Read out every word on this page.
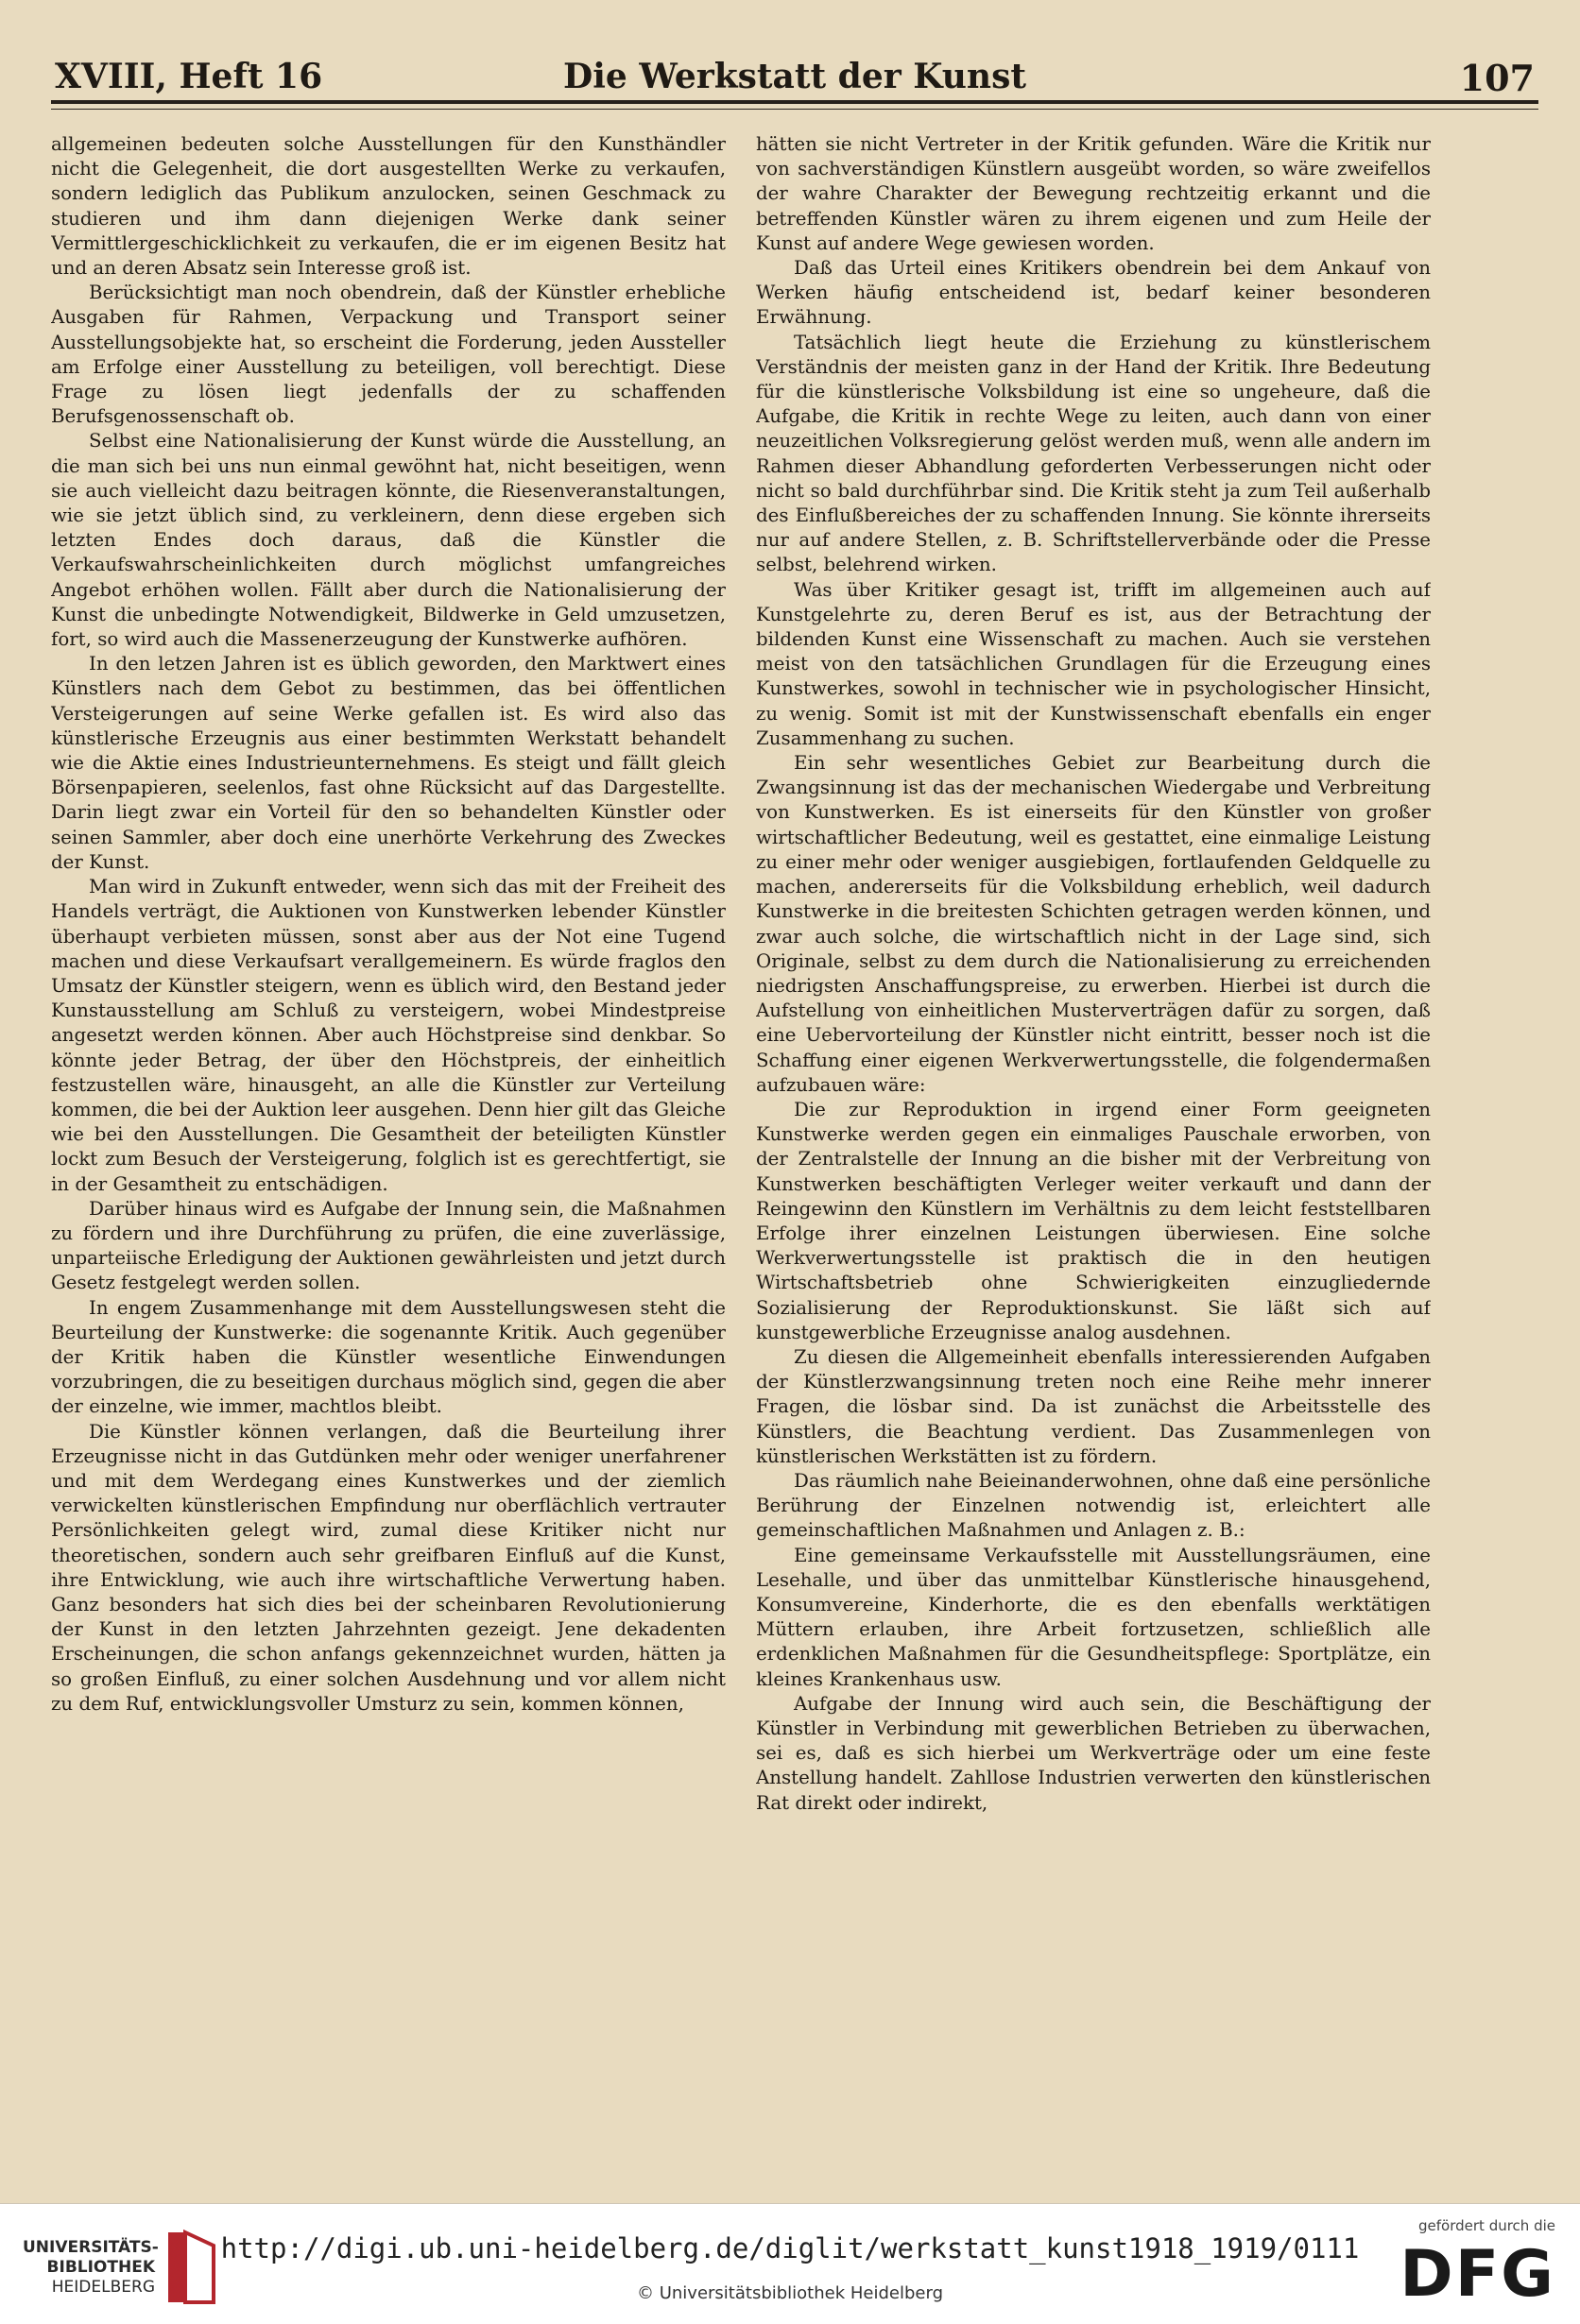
XVIII, Heft 16	Die Werkstatt der Kunst	107

allgemeinen bedeuten solche Ausstellungen für den Kunsthändler nicht die Gelegenheit, die dort ausgestellten Werke zu verkaufen, sondern lediglich das Publikum anzulocken, seinen Geschmack zu studieren und ihm dann diejenigen Werke dank seiner Vermittlergeschicklichkeit zu verkaufen, die er im eigenen Besitz hat und an deren Absatz sein Interesse groß ist.

Berücksichtigt man noch obendrein, daß der Künstler erhebliche Ausgaben für Rahmen, Verpackung und Transport seiner Ausstellungsobjekte hat, so erscheint die Forderung, jeden Aussteller am Erfolge einer Ausstellung zu beteiligen, voll berechtigt. Diese Frage zu lösen liegt jedenfalls der zu schaffenden Berufsgenossenschaft ob.

Selbst eine Nationalisierung der Kunst würde die Ausstellung, an die man sich bei uns nun einmal gewöhnt hat, nicht beseitigen, wenn sie auch vielleicht dazu beitragen könnte, die Riesenveranstaltungen, wie sie jetzt üblich sind, zu verkleinern, denn diese ergeben sich letzten Endes doch daraus, daß die Künstler die Verkaufswahrscheinlichkeiten durch möglichst umfangreiches Angebot erhöhen wollen. Fällt aber durch die Nationalisierung der Kunst die unbedingte Notwendigkeit, Bildwerke in Geld umzusetzen, fort, so wird auch die Massenerzeugung der Kunstwerke aufhören.

In den letzen Jahren ist es üblich geworden, den Marktwert eines Künstlers nach dem Gebot zu bestimmen, das bei öffentlichen Versteigerungen auf seine Werke gefallen ist. Es wird also das künstlerische Erzeugnis aus einer bestimmten Werkstatt behandelt wie die Aktie eines Industrieunternehmens. Es steigt und fällt gleich Börsenpapieren, seelenlos, fast ohne Rücksicht auf das Dargestellte. Darin liegt zwar ein Vorteil für den so behandelten Künstler oder seinen Sammler, aber doch eine unerhörte Verkehrung des Zweckes der Kunst.

Man wird in Zukunft entweder, wenn sich das mit der Freiheit des Handels verträgt, die Auktionen von Kunstwerken lebender Künstler überhaupt verbieten müssen, sonst aber aus der Not eine Tugend machen und diese Verkaufsart verallgemeinern. Es würde fraglos den Umsatz der Künstler steigern, wenn es üblich wird, den Bestand jeder Kunstausstellung am Schluß zu versteigern, wobei Mindestpreise angesetzt werden können. Aber auch Höchstpreise sind denkbar. So könnte jeder Betrag, der über den Höchstpreis, der einheitlich festzustellen wäre, hinausgeht, an alle die Künstler zur Verteilung kommen, die bei der Auktion leer ausgehen. Denn hier gilt das Gleiche wie bei den Ausstellungen. Die Gesamtheit der beteiligten Künstler lockt zum Besuch der Versteigerung, folglich ist es gerechtfertigt, sie in der Gesamtheit zu entschädigen.

Darüber hinaus wird es Aufgabe der Innung sein, die Maßnahmen zu fördern und ihre Durchführung zu prüfen, die eine zuverlässige, unparteiische Erledigung der Auktionen gewährleisten und jetzt durch Gesetz festgelegt werden sollen.

In engem Zusammenhange mit dem Ausstellungswesen steht die Beurteilung der Kunstwerke: die sogenannte Kritik. Auch gegenüber der Kritik haben die Künstler wesentliche Einwendungen vorzubringen, die zu beseitigen durchaus möglich sind, gegen die aber der einzelne, wie immer, machtlos bleibt.

Die Künstler können verlangen, daß die Beurteilung ihrer Erzeugnisse nicht in das Gutdünken mehr oder weniger unerfahrener und mit dem Werdegang eines Kunstwerkes und der ziemlich verwickelten künstlerischen Empfindung nur oberflächlich vertrauter Persönlichkeiten gelegt wird, zumal diese Kritiker nicht nur theoretischen, sondern auch sehr greifbaren Einfluß auf die Kunst, ihre Entwicklung, wie auch ihre wirtschaftliche Verwertung haben. Ganz besonders hat sich dies bei der scheinbaren Revolutionierung der Kunst in den letzten Jahrzehnten gezeigt. Jene dekadenten Erscheinungen, die schon anfangs gekennzeichnet wurden, hätten ja so großen Einfluß, zu einer solchen Ausdehnung und vor allem nicht zu dem Ruf, entwicklungsvoller Umsturz zu sein, kommen können,

hätten sie nicht Vertreter in der Kritik gefunden. Wäre die Kritik nur von sachverständigen Künstlern ausgeübt worden, so wäre zweifellos der wahre Charakter der Bewegung rechtzeitig erkannt und die betreffenden Künstler wären zu ihrem eigenen und zum Heile der Kunst auf andere Wege gewiesen worden.

Daß das Urteil eines Kritikers obendrein bei dem Ankauf von Werken häufig entscheidend ist, bedarf keiner besonderen Erwähnung.

Tatsächlich liegt heute die Erziehung zu künstlerischem Verständnis der meisten ganz in der Hand der Kritik. Ihre Bedeutung für die künstlerische Volksbildung ist eine so ungeheure, daß die Aufgabe, die Kritik in rechte Wege zu leiten, auch dann von einer neuzeitlichen Volksregierung gelöst werden muß, wenn alle andern im Rahmen dieser Abhandlung geforderten Verbesserungen nicht oder nicht so bald durchführbar sind. Die Kritik steht ja zum Teil außerhalb des Einflußbereiches der zu schaffenden Innung. Sie könnte ihrerseits nur auf andere Stellen, z. B. Schriftstellerverbände oder die Presse selbst, belehrend wirken.

Was über Kritiker gesagt ist, trifft im allgemeinen auch auf Kunstgelehrte zu, deren Beruf es ist, aus der Betrachtung der bildenden Kunst eine Wissenschaft zu machen. Auch sie verstehen meist von den tatsächlichen Grundlagen für die Erzeugung eines Kunstwerkes, sowohl in technischer wie in psychologischer Hinsicht, zu wenig. Somit ist mit der Kunstwissenschaft ebenfalls ein enger Zusammenhang zu suchen.

Ein sehr wesentliches Gebiet zur Bearbeitung durch die Zwangsinnung ist das der mechanischen Wiedergabe und Verbreitung von Kunstwerken. Es ist einerseits für den Künstler von großer wirtschaftlicher Bedeutung, weil es gestattet, eine einmalige Leistung zu einer mehr oder weniger ausgiebigen, fortlaufenden Geldquelle zu machen, andererseits für die Volksbildung erheblich, weil dadurch Kunstwerke in die breitesten Schichten getragen werden können, und zwar auch solche, die wirtschaftlich nicht in der Lage sind, sich Originale, selbst zu dem durch die Nationalisierung zu erreichenden niedrigsten Anschaffungspreise, zu erwerben. Hierbei ist durch die Aufstellung von einheitlichen Musterverträgen dafür zu sorgen, daß eine Uebervorteilung der Künstler nicht eintritt, besser noch ist die Schaffung einer eigenen Werkverwertungsstelle, die folgendermaßen aufzubauen wäre:

Die zur Reproduktion in irgend einer Form geeigneten Kunstwerke werden gegen ein einmaliges Pauschale erworben, von der Zentralstelle der Innung an die bisher mit der Verbreitung von Kunstwerken beschäftigten Verleger weiter verkauft und dann der Reingewinn den Künstlern im Verhältnis zu dem leicht feststellbaren Erfolge ihrer einzelnen Leistungen überwiesen. Eine solche Werkverwertungsstelle ist praktisch die in den heutigen Wirtschaftsbetrieb ohne Schwierigkeiten einzugliedernde Sozialisierung der Reproduktionskunst. Sie läßt sich auf kunstgewerbliche Erzeugnisse analog ausdehnen.

Zu diesen die Allgemeinheit ebenfalls interessierenden Aufgaben der Künstlerzwangsinnung treten noch eine Reihe mehr innerer Fragen, die lösbar sind. Da ist zunächst die Arbeitsstelle des Künstlers, die Beachtung verdient. Das Zusammenlegen von künstlerischen Werkstätten ist zu fördern.

Das räumlich nahe Beieinanderwohnen, ohne daß eine persönliche Berührung der Einzelnen notwendig ist, erleichtert alle gemeinschaftlichen Maßnahmen und Anlagen z. B.:

Eine gemeinsame Verkaufsstelle mit Ausstellungsräumen, eine Lesehalle, und über das unmittelbar Künstlerische hinausgehend, Konsumvereine, Kinderhorte, die es den ebenfalls werktätigen Müttern erlauben, ihre Arbeit fortzusetzen, schließlich alle erdenklichen Maßnahmen für die Gesundheitspflege: Sportplätze, ein kleines Krankenhaus usw.

Aufgabe der Innung wird auch sein, die Beschäftigung der Künstler in Verbindung mit gewerblichen Betrieben zu überwachen, sei es, daß es sich hierbei um Werkverträge oder um eine feste Anstellung handelt. Zahllose Industrien verwerten den künstlerischen Rat direkt oder indirekt,

UNIVERSITÄTS-
BIBLIOTHEK
HEIDELBERG
http://digi.ub.uni-heidelberg.de/diglit/werkstatt_kunst1918_1919/0111
© Universitätsbibliothek Heidelberg
gefördert durch die
DFG
